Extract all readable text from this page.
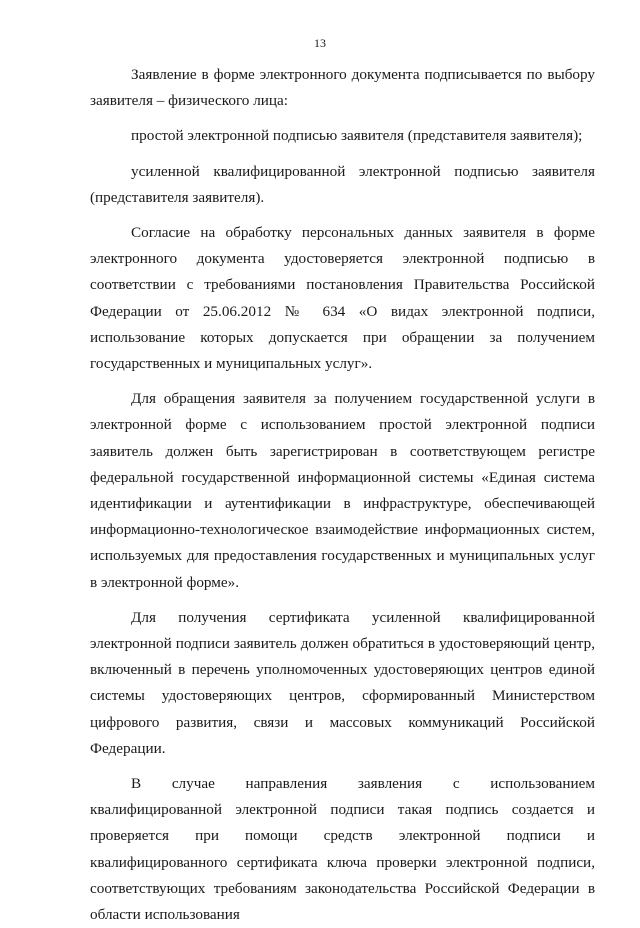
13

Заявление в форме электронного документа подписывается по выбору заявителя – физического лица:

простой электронной подписью заявителя (представителя заявителя);

усиленной квалифицированной электронной подписью заявителя (представителя заявителя).

Согласие на обработку персональных данных заявителя в форме электронного документа удостоверяется электронной подписью в соответствии с требованиями постановления Правительства Российской Федерации от 25.06.2012 № 634 «О видах электронной подписи, использование которых допускается при обращении за получением государственных и муниципальных услуг».

Для обращения заявителя за получением государственной услуги в электронной форме с использованием простой электронной подписи заявитель должен быть зарегистрирован в соответствующем регистре федеральной государственной информационной системы «Единая система идентификации и аутентификации в инфраструктуре, обеспечивающей информационно-технологическое взаимодействие информационных систем, используемых для предоставления государственных и муниципальных услуг в электронной форме».

Для получения сертификата усиленной квалифицированной электронной подписи заявитель должен обратиться в удостоверяющий центр, включенный в перечень уполномоченных удостоверяющих центров единой системы удостоверяющих центров, сформированный Министерством цифрового развития, связи и массовых коммуникаций Российской Федерации.

В случае направления заявления с использованием квалифицированной электронной подписи такая подпись создается и проверяется при помощи средств электронной подписи и квалифицированного сертификата ключа проверки электронной подписи, соответствующих требованиям законодательства Российской Федерации в области использования
